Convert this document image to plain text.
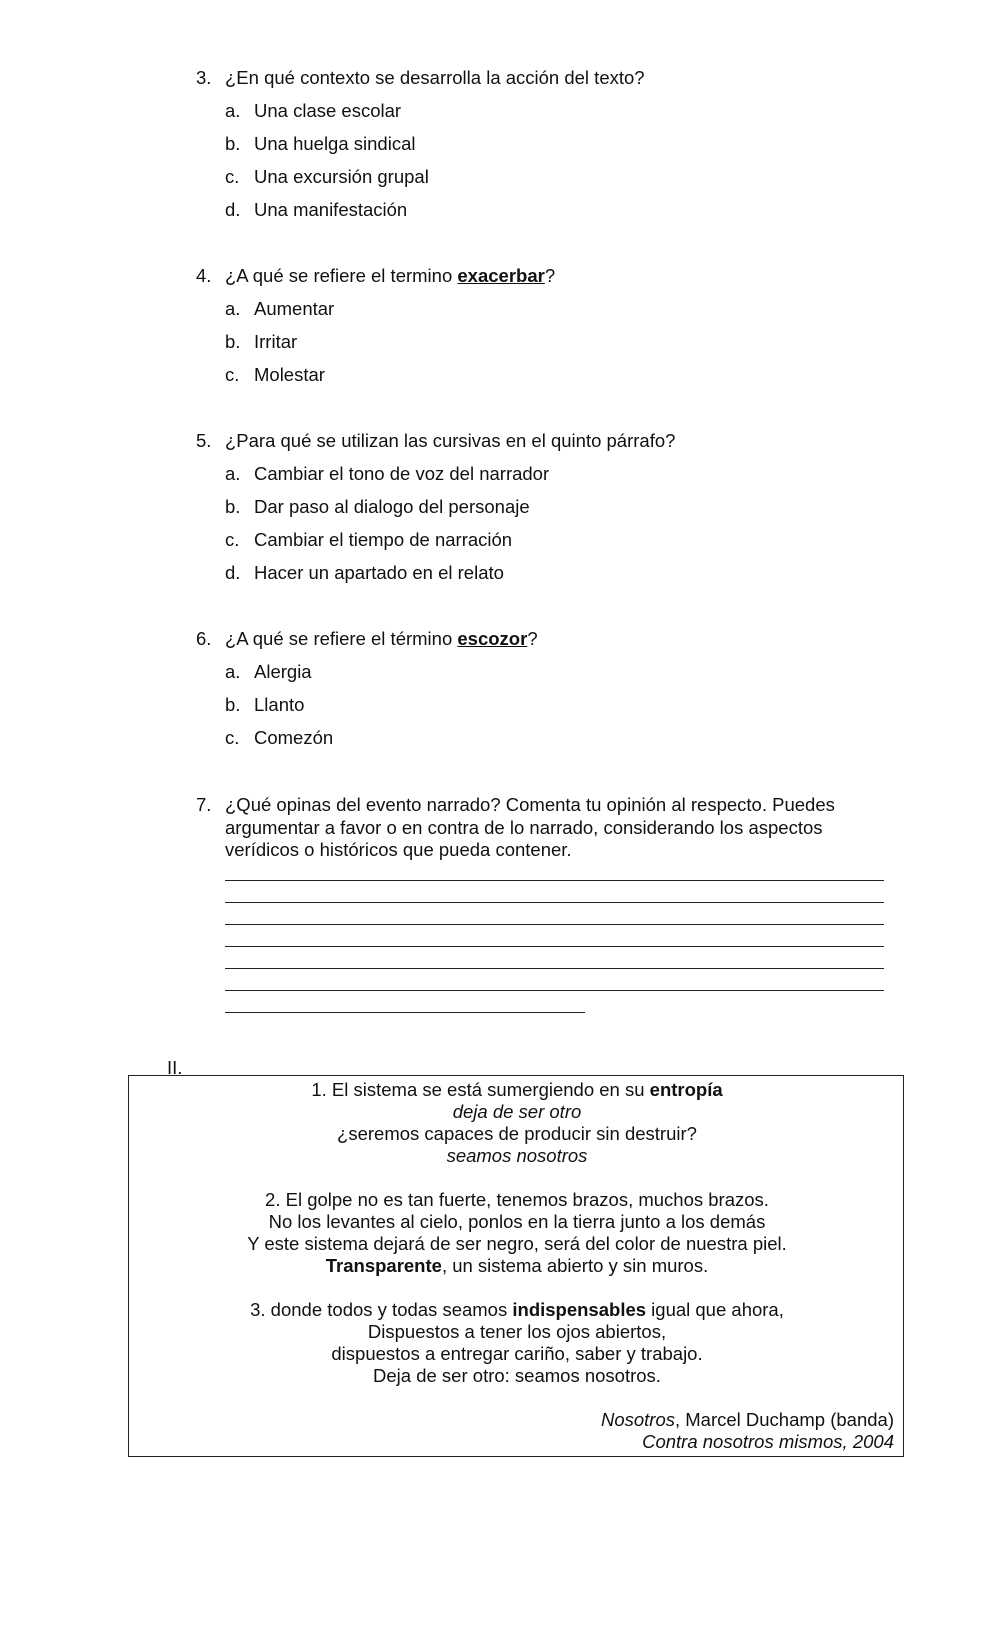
3. ¿En qué contexto se desarrolla la acción del texto?
a. Una clase escolar
b. Una huelga sindical
c. Una excursión grupal
d. Una manifestación
4. ¿A qué se refiere el termino exacerbar?
a. Aumentar
b. Irritar
c. Molestar
5. ¿Para qué se utilizan las cursivas en el quinto párrafo?
a. Cambiar el tono de voz del narrador
b. Dar paso al dialogo del personaje
c. Cambiar el tiempo de narración
d. Hacer un apartado en el relato
6. ¿A qué se refiere el término escozor?
a. Alergia
b. Llanto
c. Comezón
7. ¿Qué opinas del evento narrado? Comenta tu opinión al respecto. Puedes
argumentar a favor o en contra de lo narrado, considerando los aspectos
verídicos o históricos que pueda contener.
II.
1. El sistema se está sumergiendo en su entropía
deja de ser otro
¿seremos capaces de producir sin destruir?
seamos nosotros
2. El golpe no es tan fuerte, tenemos brazos, muchos brazos.
No los levantes al cielo, ponlos en la tierra junto a los demás
Y este sistema dejará de ser negro, será del color de nuestra piel.
Transparente, un sistema abierto y sin muros.
3. donde todos y todas seamos indispensables igual que ahora,
Dispuestos a tener los ojos abiertos,
dispuestos a entregar cariño, saber y trabajo.
Deja de ser otro: seamos nosotros.
Nosotros, Marcel Duchamp (banda)
Contra nosotros mismos, 2004
